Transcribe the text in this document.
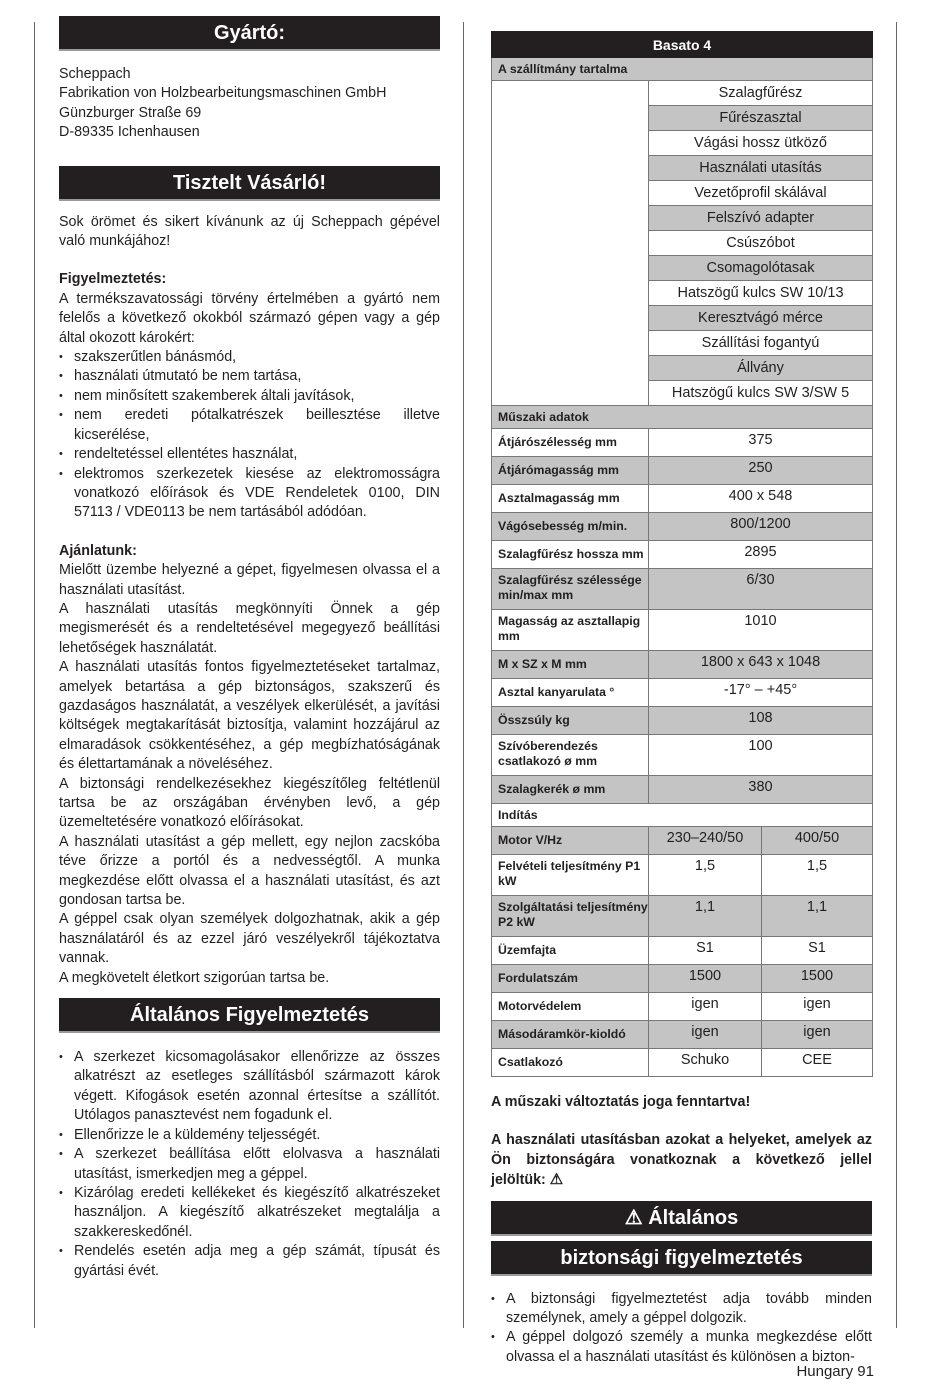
Gyártó:

Scheppach

Fabrikation von Holzbearbeitungsmaschinen GmbH

Günzburger Straße 69

D-89335 Ichenhausen

Tisztelt Vásárló!

Sok örömet és sikert kívánunk az új Scheppach gépével való munkájához!

Figyelmeztetés:

A termékszavatossági törvény értelmében a gyártó nem felelős a következő okokból származó gépen vagy a gép által okozott károkért:

• szakszerűtlen bánásmód,
• használati útmutató be nem tartása,
• nem minősített szakemberek általi javítások,
• nem eredeti pótalkatrészek beillesztése illetve kicserélése,
• rendeltetéssel ellentétes használat,
• elektromos szerkezetek kiesése az elektromosságra vonatkozó előírások és VDE Rendeletek 0100, DIN 57113 / VDE0113 be nem tartásából adódóan.

Ajánlatunk:

Mielőtt üzembe helyezné a gépet, figyelmesen olvassa el a használati utasítást.

A használati utasítás megkönnyíti Önnek a gép megismerését és a rendeltetésével megegyező beállítási lehetőségek használatát.

A használati utasítás fontos figyelmeztetéseket tartalmaz, amelyek betartása a gép biztonságos, szakszerű és gazdaságos használatát, a veszélyek elkerülését, a javítási költségek megtakarítását biztosítja, valamint hozzájárul az elmaradások csökkentéséhez, a gép megbízhatóságának és élettartamának a növeléséhez.

A biztonsági rendelkezésekhez kiegészítőleg feltétlenül tartsa be az országában érvényben levő, a gép üzemeltetésére vonatkozó előírásokat.

A használati utasítást a gép mellett, egy nejlon zacskóba téve őrizze a portól és a nedvességtől. A munka megkezdése előtt olvassa el a használati utasítást, és azt gondosan tartsa be.

A géppel csak olyan személyek dolgozhatnak, akik a gép használatáról és az ezzel járó veszélyekről tájékoztatva vannak.

A megkövetelt életkort szigorúan tartsa be.

Általános Figyelmeztetés
• A szerkezet kicsomagolásakor ellenőrizze az összes alkatrészt az esetleges szállításból származott károk végett. Kifogások esetén azonnal értesítse a szállítót. Utólagos panasztevést nem fogadunk el.
• Ellenőrizze le a küldemény teljességét.
• A szerkezet beállítása előtt elolvasva a használati utasítást, ismerkedjen meg a géppel.
• Kizárólag eredeti kellékeket és kiegészítő alkatrészeket használjon. A kiegészítő alkatrészeket megtalálja a szakkereskedőnél.
• Rendelés esetén adja meg a gép számát, típusát és gyártási évét.
Basato 4		
A szállítmány tartalma		
	Szalagfűrész	
	Fűrészasztal	
	Vágási hossz ütköző	
	Használati utasítás	
	Vezetőprofil skálával	
	Felszívó adapter	
	Csúszóbot	
	Csomagolótasak	
	Hatszögű kulcs SW 10/13	
	Keresztvágó mérce	
	Szállítási fogantyú	
	Állvány	
	Hatszögű kulcs SW 3/SW 5	
Műszaki adatok		
Átjárószélesség mm	375	
Átjárómagasság mm	250	
Asztalmagasság mm	400 x 548	
Vágósebesség m/min.	800/1200	
Szalagfűrész hossza mm	2895	
Szalagfűrész szélessége min/max mm	6/30	
Magasság az asztallapig mm	1010	
M x SZ x M mm	1800 x 643 x 1048	
Asztal kanyarulata °	-17° – +45°	
Összsúly kg	108	
Szívóberendezés csatlakozó ø mm	100	
Szalagkerék ø mm	380	
Indítás		
Motor V/Hz	230–240/50	400/50
Felvételi teljesítmény P1 kW	1,5	1,5
Szolgáltatási teljesítmény P2 kW	1,1	1,1
Üzemfajta	S1	S1
Fordulatszám	1500	1500
Motorvédelem	igen	igen
Másodáramkör-kioldó	igen	igen
Csatlakozó	Schuko	CEE

A műszaki változtatás joga fenntartva!

A használati utasításban azokat a helyeket, amelyek az Ön biztonságára vonatkoznak a következő jellel jelöltük: ⚠

⚠ Általános
biztonsági figyelmeztetés
• A biztonsági figyelmeztetést adja tovább minden személynek, amely a géppel dolgozik.
• A géppel dolgozó személy a munka megkezdése előtt olvassa el a használati utasítást és különösen a bizton-
Hungary 91
